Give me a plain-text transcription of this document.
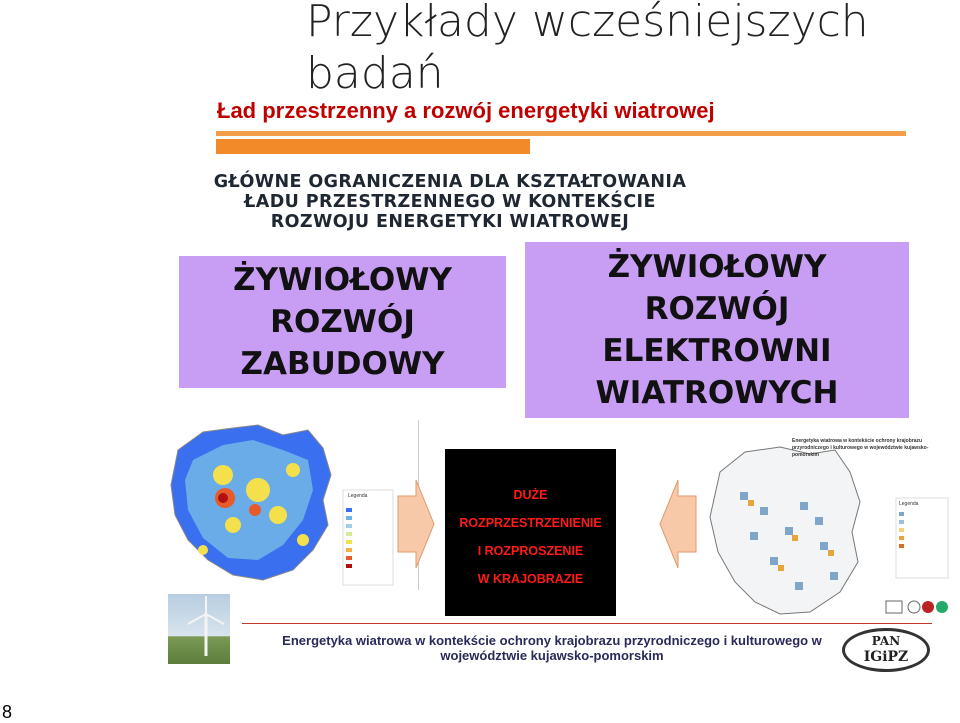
Przykłady wcześniejszych badań
Ład przestrzenny a rozwój energetyki wiatrowej
GŁÓWNE OGRANICZENIA DLA KSZTAŁTOWANIA ŁADU PRZESTRZENNEGO W KONTEKŚCIE ROZWOJU ENERGETYKI WIATROWEJ
ŻYWIOŁOWY ROZWÓJ ZABUDOWY
ŻYWIOŁOWY ROZWÓJ ELEKTROWNI WIATROWYCH
Legenda	DUŻE
ROZPRZESTRZENIENIE
I ROZPROSZENIE
W KRAJOBRAZIE
Energetyka wiatrowa w kontekście ochrony krajobrazu przyrodniczego i kulturowego w województwie kujawsko-pomorskim
Legenda
Energetyka wiatrowa w kontekście ochrony krajobrazu przyrodniczego i kulturowego w województwie kujawsko-pomorskim
PAN
IGiPZ
8
